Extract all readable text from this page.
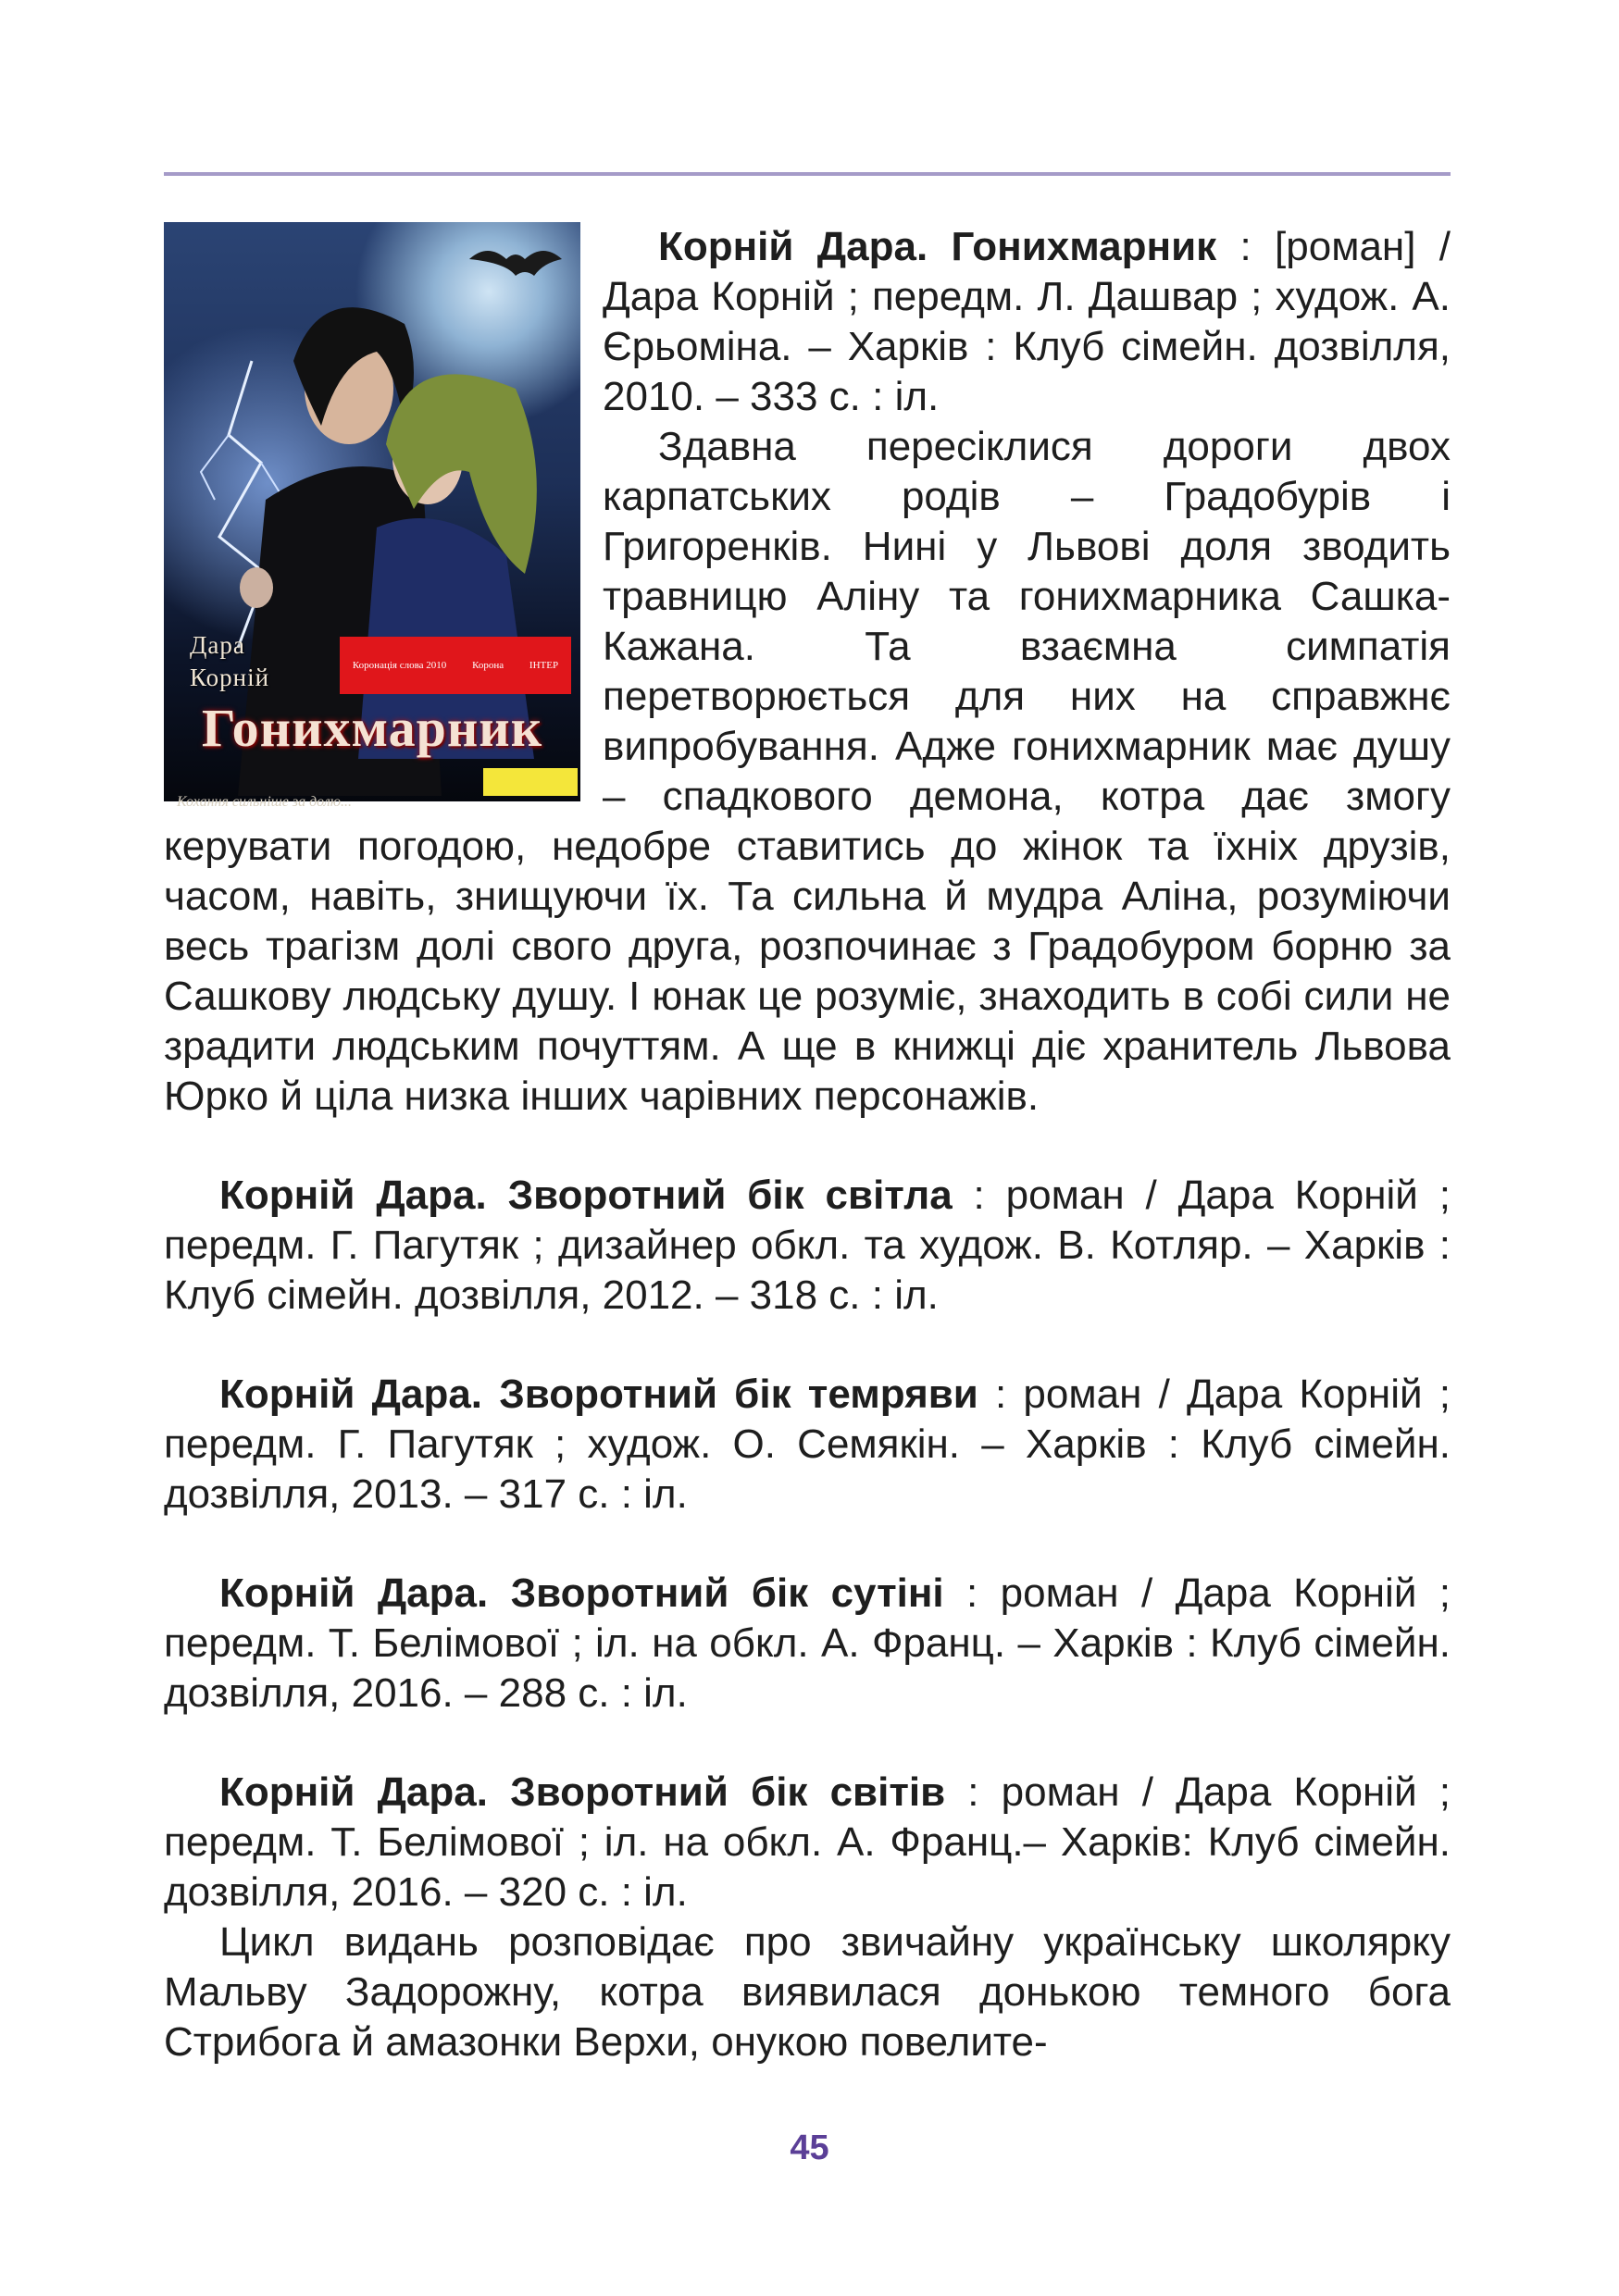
Дара
Корній	Коронація слова 2010	Корона	ІНТЕР
Гонихмарник
Кохання сильніше за долю...

Корній Дара. Гонихмарник : [роман] / Дара Корній ; передм. Л. Дашвар ; худож. А. Єрьоміна. – Харків : Клуб сімейн. дозвілля, 2010. – 333 с. : іл.

Здавна пересіклися дороги двох карпатських родів – Градобурів і Григоренків. Нині у Львові доля зводить травницю Аліну та гонихмарника Сашка-Кажана. Та взаємна симпатія перетворюється для них на справжнє випробування. Адже гонихмарник має душу – спадкового демона, котра дає змогу керувати погодою, недобре ставитись до жінок та їхніх друзів, часом, навіть, знищуючи їх. Та сильна й мудра Аліна, розуміючи весь трагізм долі свого друга, розпочинає з Градобуром борню за Сашкову людську душу. І юнак це розуміє, знаходить в собі сили не зрадити людським почуттям. А ще в книжці діє хранитель Львова Юрко й ціла низка інших чарівних персонажів.

Корній Дара. Зворотний бік світла : роман / Дара Корній ; передм. Г. Пагутяк ; дизайнер обкл. та худож. В. Котляр. – Харків : Клуб сімейн. дозвілля, 2012. – 318 с. : іл.

Корній Дара. Зворотний бік темряви : роман / Дара Корній ; передм. Г. Пагутяк ; худож. О. Семякін. – Харків : Клуб сімейн. дозвілля, 2013. – 317 с. : іл.

Корній Дара. Зворотний бік сутіні : роман / Дара Корній ; передм. Т. Белімової ; іл. на обкл. А. Франц. – Харків : Клуб сімейн. дозвілля, 2016. – 288 с. : іл.

Корній Дара. Зворотний бік світів : роман / Дара Корній ; передм. Т. Белімової ; іл. на обкл. А. Франц.– Харків: Клуб сімейн. дозвілля, 2016. – 320 с. : іл.

Цикл видань розповідає про звичайну українську школярку Мальву Задорожну, котра виявилася донькою темного бога Стрибога й амазонки Верхи, онукою повелите-

45
